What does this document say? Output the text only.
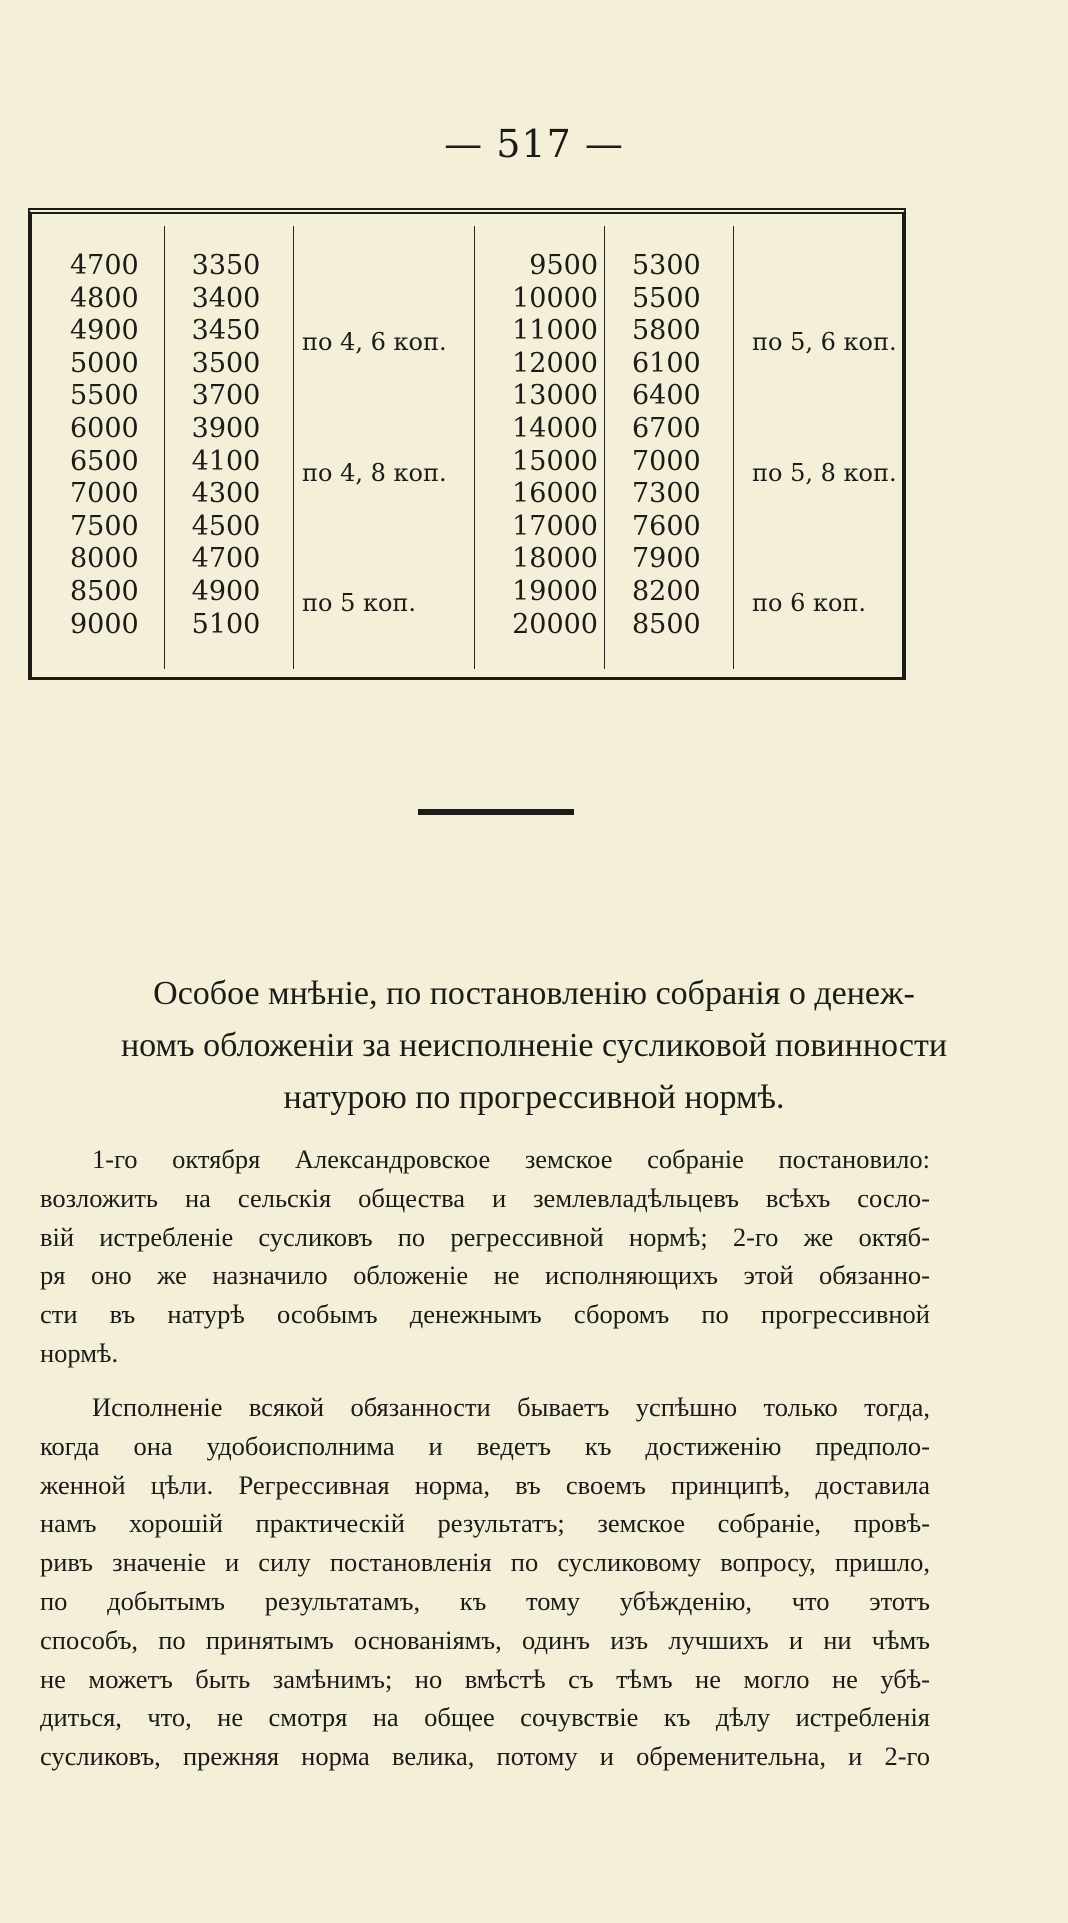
— 517 —
4700
4800
4900
5000
5500
6000
6500
7000
7500
8000
8500
9000
3350
3400
3450
3500
3700
3900
4100
4300
4500
4700
4900
5100
9500
10000
11000
12000
13000
14000
15000
16000
17000
18000
19000
20000
5300
5500
5800
6100
6400
6700
7000
7300
7600
7900
8200
8500
по 4, 6 коп.
по 4, 8 коп.
по 5 коп.
по 5, 6 коп.
по 5, 8 коп.
по 6 коп.
Особое мнѣніе, по постановленію собранія о денеж-
номъ обложеніи за неисполненіе сусликовой повинности
натурою по прогрессивной нормѣ.
1-го октября Александровское земское собраніе постановило:
возложить на сельскія общества и землевладѣльцевъ всѣхъ сосло-
вій истребленіе сусликовъ по регрессивной нормѣ; 2-го же октяб-
ря оно же назначило обложеніе не исполняющихъ этой обязанно-
сти въ натурѣ особымъ денежнымъ сборомъ по прогрессивной
нормѣ.
Исполненіе всякой обязанности бываетъ успѣшно только тогда,
когда она удобоисполнима и ведетъ къ достиженію предполо-
женной цѣли. Регрессивная норма, въ своемъ принципѣ, доставила
намъ хорошій практическій результатъ; земское собраніе, провѣ-
ривъ значеніе и силу постановленія по сусликовому вопросу, пришло,
по добытымъ результатамъ, къ тому убѣжденію, что этотъ
способъ, по принятымъ основаніямъ, одинъ изъ лучшихъ и ни чѣмъ
не можетъ быть замѣнимъ; но вмѣстѣ съ тѣмъ не могло не убѣ-
диться, что, не смотря на общее сочувствіе къ дѣлу истребленія
сусликовъ, прежняя норма велика, потому и обременительна, и 2-го
